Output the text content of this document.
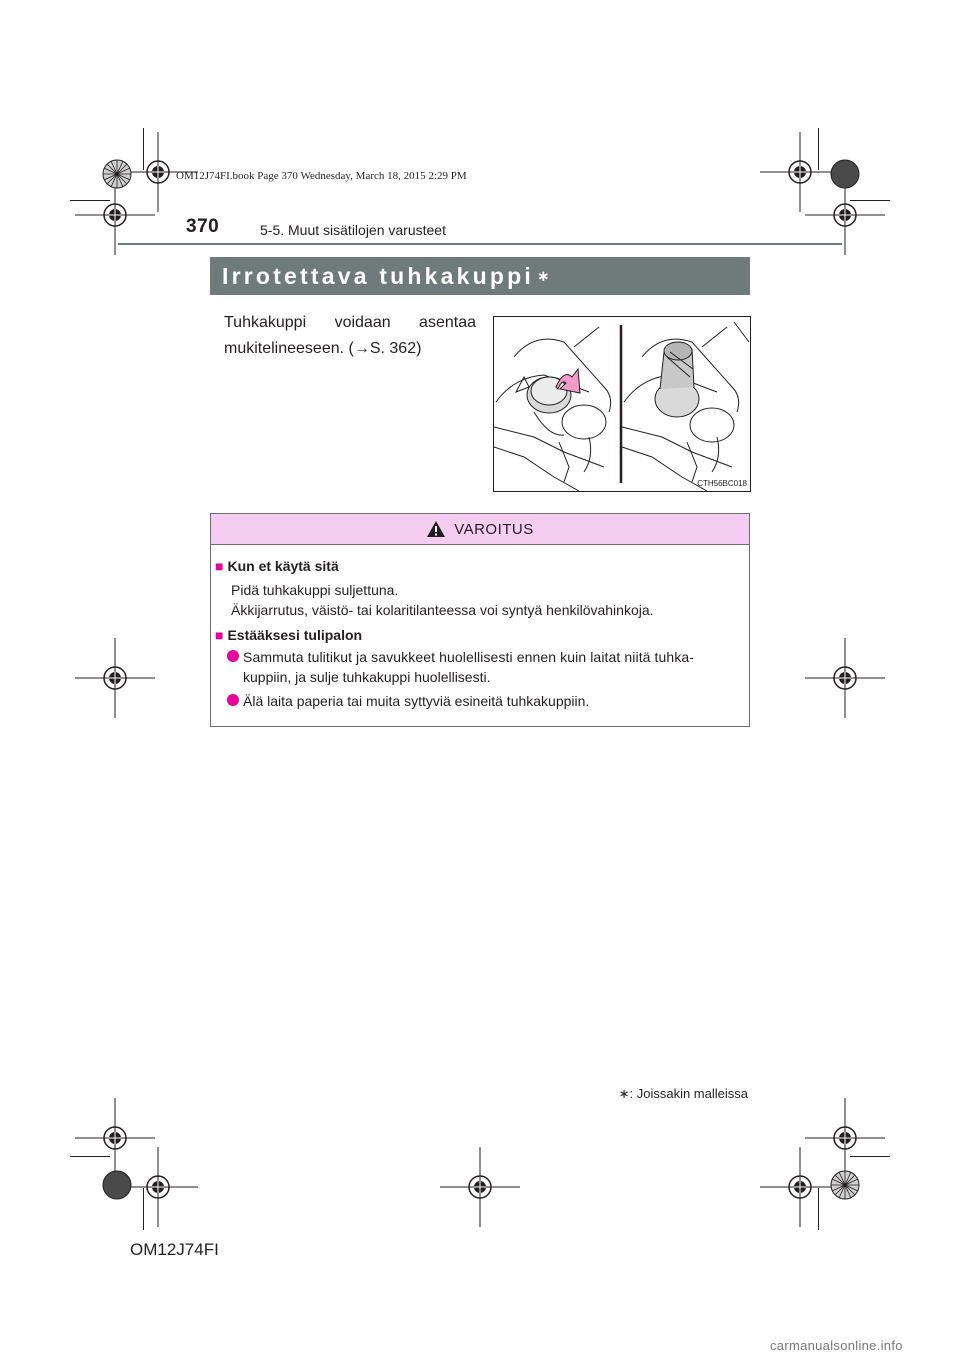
OM12J74FI.book Page 370 Wednesday, March 18, 2015 2:29 PM
370	5-5. Muut sisätilojen varusteet
Irrotettava tuhkakuppi ∗
Tuhkakuppi voidaan asentaa
mukitelineeseen. (→S. 362)
CTH56BC018
VAROITUS
■ Kun et käytä sitä
Pidä tuhkakuppi suljettuna.
Äkkijarrutus, väistö- tai kolaritilanteessa voi syntyä henkilövahinkoja.
■ Estääksesi tulipalon
Sammuta tulitikut ja savukkeet huolellisesti ennen kuin laitat niitä tuhka-
kuppiin, ja sulje tuhkakuppi huolellisesti.
Älä laita paperia tai muita syttyviä esineitä tuhkakuppiin.
∗: Joissakin malleissa
OM12J74FI
carmanualsonline.info
